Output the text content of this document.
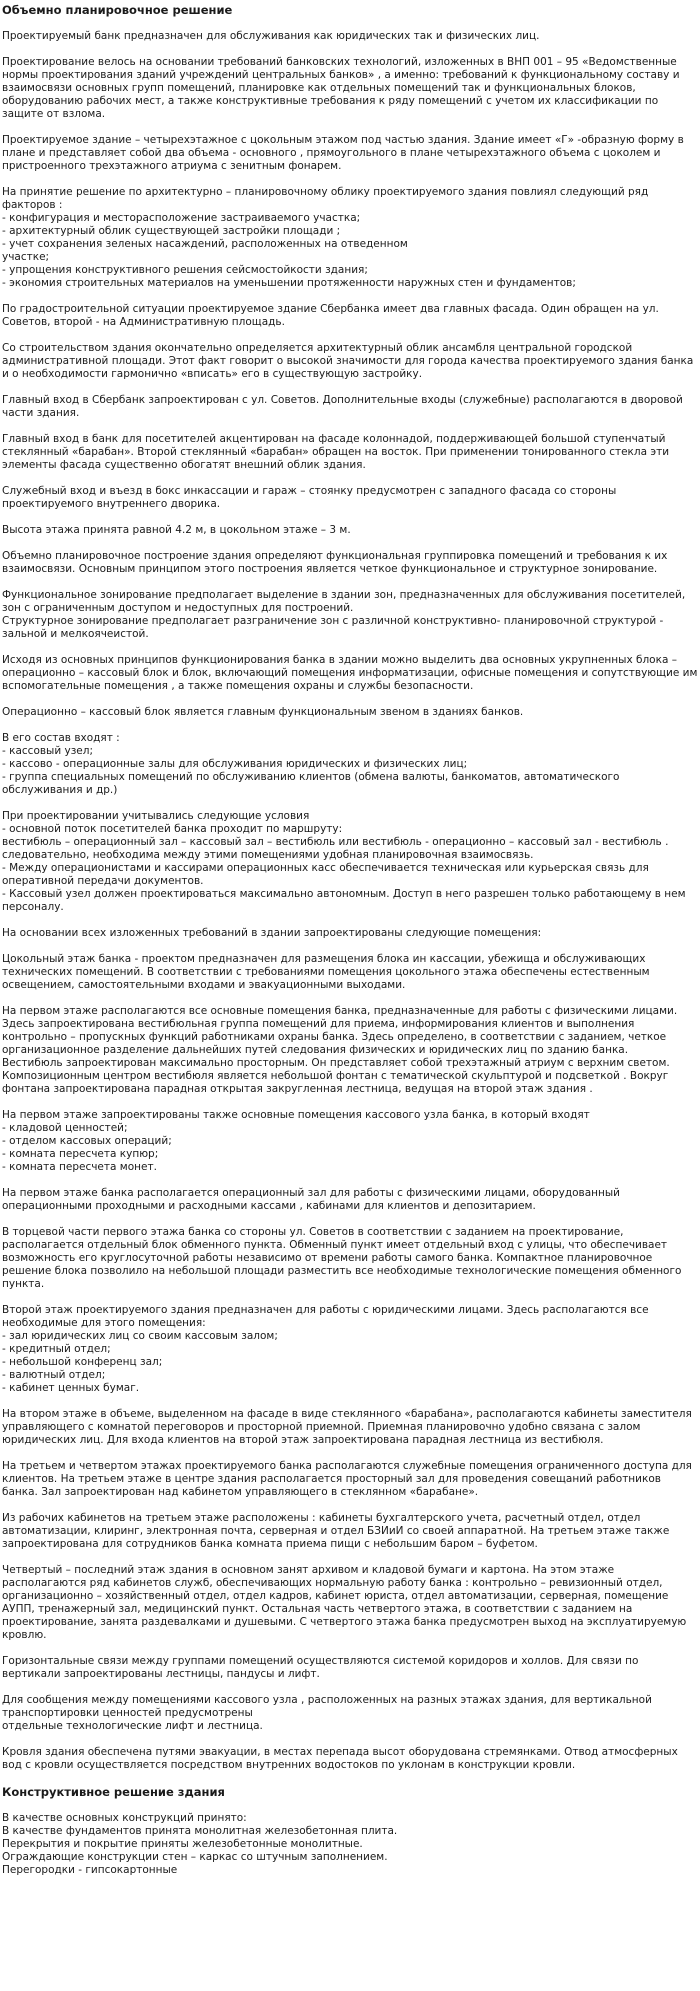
Объемно планировочное решение

Проектируемый банк предназначен для обслуживания как юридических так и физических лиц.

Проектирование велось на основании требований банковских технологий, изложенных в ВНП 001 – 95 «Ведомственные нормы проектирования зданий учреждений центральных банков» , а именно: требований к функциональному составу и взаимосвязи основных групп помещений, планировке как отдельных помещений так и функциональных блоков, оборудованию рабочих мест, а также конструктивные требования к ряду помещений с учетом их классификации по защите от взлома.

Проектируемое здание – четырехэтажное с цокольным этажом под частью здания. Здание имеет «Г» -образную форму в плане и представляет собой два объема - основного , прямоугольного в плане четырехэтажного объема с цоколем и пристроенного трехэтажного атриума с зенитным фонарем.

На принятие решение по архитектурно – планировочному облику проектируемого здания повлиял следующий ряд факторов :
- конфигурация и месторасположение застраиваемого участка;
- архитектурный облик существующей застройки площади ;
- учет сохранения зеленых насаждений, расположенных на отведенном
участке;
- упрощения конструктивного решения сейсмостойкости здания;
- экономия строительных материалов на уменьшении протяженности наружных стен и фундаментов;

По градостроительной ситуации проектируемое здание Сбербанка имеет два главных фасада. Один обращен на ул. Советов, второй - на Административную площадь.

Со строительством здания окончательно определяется архитектурный облик ансамбля центральной городской административной площади. Этот факт говорит о высокой значимости для города качества проектируемого здания банка и о необходимости гармонично «вписать» его в существующую застройку.

Главный вход в Сбербанк запроектирован с ул. Советов. Дополнительные входы (служебные) располагаются в дворовой части здания.

Главный вход в банк для посетителей акцентирован на фасаде колоннадой, поддерживающей большой ступенчатый стеклянный «барабан». Второй стеклянный «барабан» обращен на восток. При применении тонированного стекла эти элементы фасада существенно обогатят внешний облик здания.

Служебный вход и въезд в бокс инкассации и гараж – стоянку предусмотрен с западного фасада со стороны проектируемого внутреннего дворика.

Высота этажа принята равной 4.2 м, в цокольном этаже – 3 м.

Объемно планировочное построение здания определяют функциональная группировка помещений и требования к их взаимосвязи. Основным принципом этого построения является четкое функциональное и структурное зонирование.

Функциональное зонирование предполагает выделение в здании зон, предназначенных для обслуживания посетителей, зон с ограниченным доступом и недоступных для построений.
Структурное зонирование предполагает разграничение зон с различной конструктивно- планировочной структурой - зальной и мелкоячеистой.

Исходя из основных принципов функционирования банка в здании можно выделить два основных укрупненных блока – операционно – кассовый блок и блок, включающий помещения информатизации, офисные помещения и сопутствующие им вспомогательные помещения , а также помещения охраны и службы безопасности.

Операционно – кассовый блок является главным функциональным звеном в зданиях банков.

В его состав входят :
- кассовый узел;
- кассово - операционные залы для обслуживания юридических и физических лиц;
- группа специальных помещений по обслуживанию клиентов (обмена валюты, банкоматов, автоматического обслуживания и др.)

При проектировании учитывались следующие условия
- основной поток посетителей банка проходит по маршруту:
вестибюль – операционный зал – кассовый зал – вестибюль или вестибюль - операционно – кассовый зал - вестибюль . следовательно, необходима между этими помещениями удобная планировочная взаимосвязь.
- Между операционистами и кассирами операционных касс обеспечивается техническая или курьерская связь для оперативной передачи документов.
- Кассовый узел должен проектироваться максимально автономным. Доступ в него разрешен только работающему в нем персоналу.

На основании всех изложенных требований в здании запроектированы следующие помещения:

Цокольный этаж банка - проектом предназначен для размещения блока ин кассации, убежища и обслуживающих технических помещений. В соответствии с требованиями помещения цокольного этажа обеспечены естественным освещением, самостоятельными входами и эвакуационными выходами.

На первом этаже располагаются все основные помещения банка, предназначенные для работы с физическими лицами. Здесь запроектирована вестибюльная группа помещений для приема, информирования клиентов и выполнения контрольно – пропускных функций работниками охраны банка. Здесь определено, в соответствии с заданием, четкое организационное разделение дальнейших путей следования физических и юридических лиц по зданию банка.
Вестибюль запроектирован максимально просторным. Он представляет собой трехэтажный атриум с верхним светом. Композиционным центром вестибюля является небольшой фонтан с тематической скульптурой и подсветкой . Вокруг фонтана запроектирована парадная открытая закругленная лестница, ведущая на второй этаж здания .

На первом этаже запроектированы также основные помещения кассового узла банка, в который входят
- кладовой ценностей;
- отделом кассовых операций;
- комната пересчета купюр;
- комната пересчета монет.

На первом этаже банка располагается операционный зал для работы с физическими лицами, оборудованный операционными проходными и расходными кассами , кабинами для клиентов и депозитарием.

В торцевой части первого этажа банка со стороны ул. Советов в соответствии с заданием на проектирование, располагается отдельный блок обменного пункта. Обменный пункт имеет отдельный вход с улицы, что обеспечивает возможность его круглосуточной работы независимо от времени работы самого банка. Компактное планировочное решение блока позволило на небольшой площади разместить все необходимые технологические помещения обменного пункта.

Второй этаж проектируемого здания предназначен для работы с юридическими лицами. Здесь располагаются все необходимые для этого помещения:
- зал юридических лиц со своим кассовым залом;
- кредитный отдел;
- небольшой конференц зал;
- валютный отдел;
- кабинет ценных бумаг.

На втором этаже в объеме, выделенном на фасаде в виде стеклянного «барабана», располагаются кабинеты заместителя управляющего с комнатой переговоров и просторной приемной. Приемная планировочно удобно связана с залом юридических лиц. Для входа клиентов на второй этаж запроектирована парадная лестница из вестибюля.

На третьем и четвертом этажах проектируемого банка располагаются служебные помещения ограниченного доступа для клиентов. На третьем этаже в центре здания располагается просторный зал для проведения совещаний работников банка. Зал запроектирован над кабинетом управляющего в стеклянном «барабане».

Из рабочих кабинетов на третьем этаже расположены : кабинеты бухгалтерского учета, расчетный отдел, отдел автоматизации, клиринг, электронная почта, серверная и отдел БЗИиИ со своей аппаратной. На третьем этаже также запроектирована для сотрудников банка комната приема пищи с небольшим баром – буфетом.

Четвертый – последний этаж здания в основном занят архивом и кладовой бумаги и картона. На этом этаже располагаются ряд кабинетов служб, обеспечивающих нормальную работу банка : контрольно – ревизионный отдел, организационно – хозяйственный отдел, отдел кадров, кабинет юриста, отдел автоматизации, серверная, помещение АУПП, тренажерный зал, медицинский пункт. Остальная часть четвертого этажа, в соответствии с заданием на проектирование, занята раздевалками и душевыми. С четвертого этажа банка предусмотрен выход на эксплуатируемую кровлю.

Горизонтальные связи между группами помещений осуществляются системой коридоров и холлов. Для связи по вертикали запроектированы лестницы, пандусы и лифт.

Для сообщения между помещениями кассового узла , расположенных на разных этажах здания, для вертикальной транспортировки ценностей предусмотрены
отдельные технологические лифт и лестница.

Кровля здания обеспечена путями эвакуации, в местах перепада высот оборудована стремянками. Отвод атмосферных вод с кровли осуществляется посредством внутренних водостоков по уклонам в конструкции кровли.

Конструктивное решение здания

В качестве основных конструкций принято:
В качестве фундаментов принята монолитная железобетонная плита.
Перекрытия и покрытие приняты железобетонные монолитные.
Ограждающие конструкции стен – каркас со штучным заполнением.
Перегородки - гипсокартонные
